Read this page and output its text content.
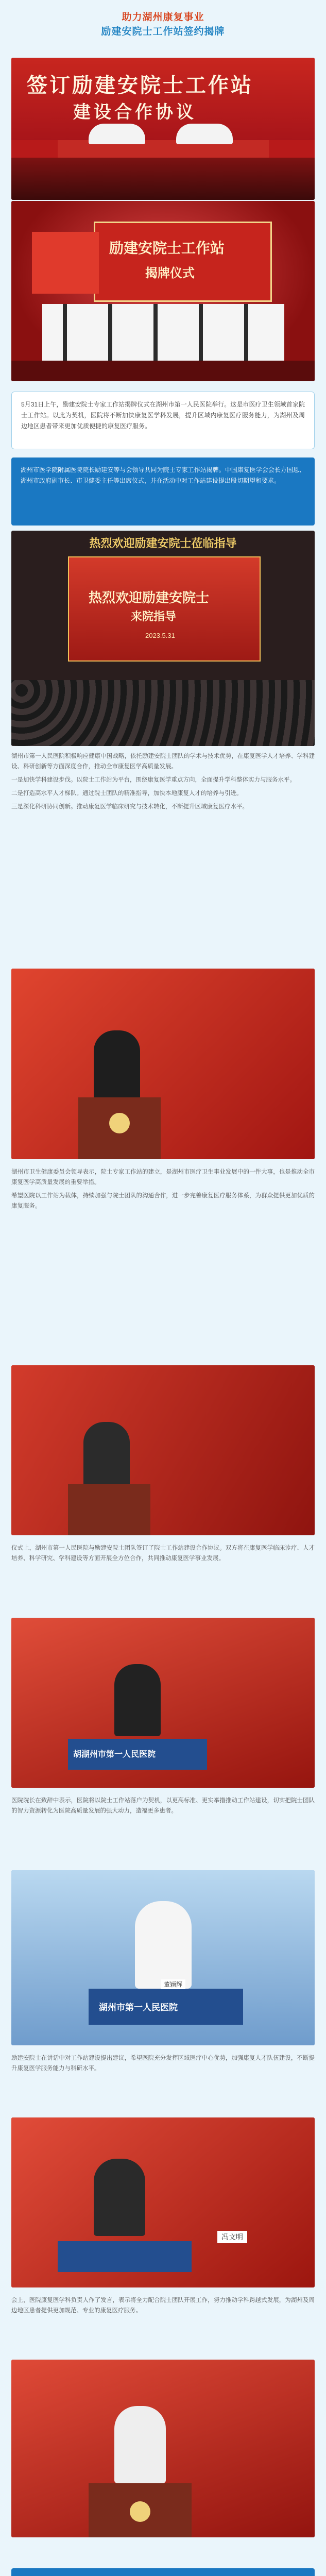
助力湖州康复事业
励建安院士工作站签约揭牌
签订励建安院士工作站
建设合作协议
励建安院士工作站
揭牌仪式
5月31日上午，励建安院士专家工作站揭牌仪式在湖州市第一人民医院举行。这是市医疗卫生领域首家院士工作站。以此为契机，医院将不断加快康复医学科发展，提升区域内康复医疗服务能力，为湖州及周边地区患者带来更加优质便捷的康复医疗服务。
湖州市医学院附属医院院长励建安等与会领导共同为院士专家工作站揭牌。中国康复医学会会长方国恩、湖州市政府副市长、市卫健委主任等出席仪式，并在活动中对工作站建设提出殷切期望和要求。
热烈欢迎励建安院士莅临指导
热烈欢迎励建安院士
来院指导
2023.5.31

湖州市第一人民医院积极响应健康中国战略，依托励建安院士团队的学术与技术优势，在康复医学人才培养、学科建设、科研创新等方面深度合作，推动全市康复医学高质量发展。

一是加快学科建设步伐。以院士工作站为平台，围绕康复医学重点方向，全面提升学科整体实力与服务水平。

二是打造高水平人才梯队。通过院士团队的精准指导，加快本地康复人才的培养与引进。

三是深化科研协同创新。推动康复医学临床研究与技术转化，不断提升区域康复医疗水平。

湖州市卫生健康委员会领导表示，院士专家工作站的建立，是湖州市医疗卫生事业发展中的一件大事，也是推动全市康复医学高质量发展的重要举措。

希望医院以工作站为载体，持续加强与院士团队的沟通合作，进一步完善康复医疗服务体系，为群众提供更加优质的康复服务。

仪式上，湖州市第一人民医院与励建安院士团队签订了院士工作站建设合作协议。双方将在康复医学临床诊疗、人才培养、科学研究、学科建设等方面开展全方位合作，共同推动康复医学事业发展。

胡湖州市第一人民医院

医院院长在致辞中表示，医院将以院士工作站落户为契机，以更高标准、更实举措推动工作站建设，切实把院士团队的智力资源转化为医院高质量发展的强大动力，造福更多患者。

湖州市第一人民医院
董颖辉

励建安院士在讲话中对工作站建设提出建议，希望医院充分发挥区域医疗中心优势，加强康复人才队伍建设，不断提升康复医学服务能力与科研水平。

冯文明

会上，医院康复医学科负责人作了发言，表示将全力配合院士团队开展工作，努力推动学科跨越式发展，为湖州及周边地区患者提供更加规范、专业的康复医疗服务。
